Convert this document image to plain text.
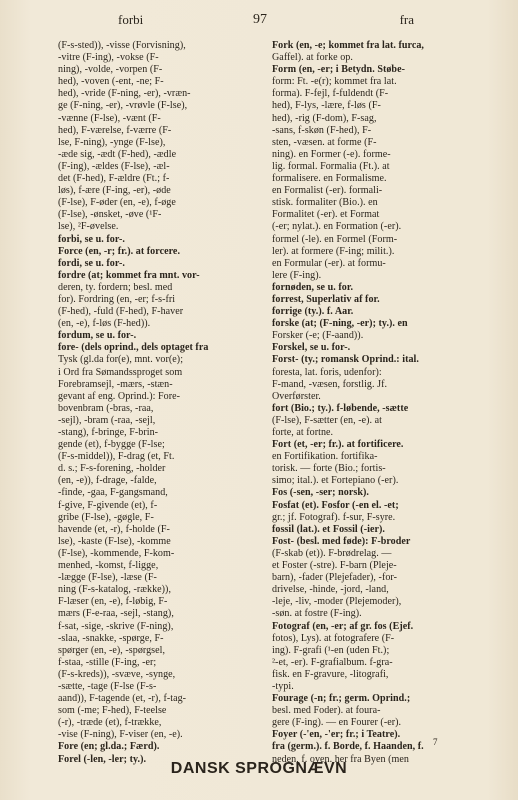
forbi	97	fra
(F-s-sted)), -visse (Forvisning),
-vitre (F-ing), -vokse (F-
ning), -volde, -vorpen (F-
hed), -voven (-ent, -ne; F-
hed), -vride (F-ning, -er), -vræn-
ge (F-ning, -er), -vrøvle (F-lse),
-vænne (F-lse), -vænt (F-
hed), F-værelse, f-værre (F-
lse, F-ning), -ynge (F-lse),
-æde sig, -ædt (F-hed), -ædle
(F-ing), -ældes (F-lse), -æl-
det (F-hed), F-ældre (Ft.; f-
løs), f-ære (F-ing, -er), -øde
(F-lse), F-øder (en, -e), f-øge
(F-lse), -ønsket, -øve (¹F-
lse), ²F-øvelse.
forbi, se u. for-.
Force (en, -r; fr.). at forcere.
fordi, se u. for-.
fordre (at; kommet fra mnt. vor-
deren, ty. fordern; besl. med
for). Fordring (en, -er; f-s-fri
(F-hed), -fuld (F-hed), F-haver
(en, -e), f-løs (F-hed)).
fordum, se u. for-.
fore- (dels oprind., dels optaget fra
Tysk (gl.da for(e), mnt. vor(e);
i Ord fra Sømandssproget som
Forebramsejl, -mærs, -stæn-
gevant af eng. Oprind.): Fore-
bovenbram (-bras, -raa,
-sejl), -bram (-raa, -sejl,
-stang), f-bringe, F-brin-
gende (et), f-bygge (F-lse;
(F-s-middel)), F-drag (et, Ft.
d. s.; F-s-forening, -holder
(en, -e)), f-drage, -falde,
-finde, -gaa, F-gangsmand,
f-give, F-givende (et), f-
gribe (F-lse), -gøgle, F-
havende (et, -r), f-holde (F-
lse), -kaste (F-lse), -komme
(F-lse), -kommende, F-kom-
menhed, -komst, f-ligge,
-lægge (F-lse), -læse (F-
ning (F-s-katalog, -række)),
F-læser (en, -e), f-løbig, F-
mærs (F-e-raa, -sejl, -stang),
f-sat, -sige, -skrive (F-ning),
-slaa, -snakke, -spørge, F-
spørger (en, -e), -spørgsel,
f-staa, -stille (F-ing, -er;
(F-s-kreds)), -svæve, -synge,
-sætte, -tage (F-lse (F-s-
aand)), F-tagende (et, -r), f-tag-
som (-me; F-hed), F-teelse
(-r), -træde (et), f-trække,
-vise (F-ning), F-viser (en, -e).
Fore (en; gl.da.; Færd).
Forel (-len, -ler; ty.).
Fork (en, -e; kommet fra lat. furca,
Gaffel). at forke op.
Form (en, -er; i Betydn. Støbe-
form: Ft. -e(r); kommet fra lat.
forma). F-fejl, f-fuldendt (F-
hed), F-lys, -lære, f-løs (F-
hed), -rig (F-dom), F-sag,
-sans, f-skøn (F-hed), F-
sten, -væsen. at forme (F-
ning). en Former (-e). forme-
lig. formal. Formalia (Ft.). at
formalisere. en Formalisme.
en Formalist (-er). formali-
stisk. formaliter (Bio.). en
Formalitet (-er). et Format
(-er; nylat.). en Formation (-er).
formel (-le). en Formel (Form-
ler). at formere (F-ing; milit.).
en Formular (-er). at formu-
lere (F-ing).
fornøden, se u. for.
forrest, Superlativ af for.
forrige (ty.). f. Aar.
forske (at; (F-ning, -er); ty.). en
Forsker (-e; (F-aand)).
Forskel, se u. for-.
Forst- (ty.; romansk Oprind.: ital.
foresta, lat. foris, udenfor):
F-mand, -væsen, forstlig. Jf.
Overførster.
fort (Bio.; ty.). f-løbende, -sætte
(F-lse), F-sætter (en, -e). at
forte, at fortne.
Fort (et, -er; fr.). at fortificere.
en Fortifikation. fortifika-
torisk. — forte (Bio.; fortis-
simo; ital.). et Fortepiano (-er).
Fos (-sen, -ser; norsk).
Fosfat (et). Fosfor (-en el. -et;
gr.; jf. Fotograf). f-sur, F-syre.
fossil (lat.). et Fossil (-ier).
Fost- (besl. med føde): F-broder
(F-skab (et)). F-brødrelag. —
et Foster (-stre). F-barn (Pleje-
barn), -fader (Plejefader), -for-
drivelse, -hinde, -jord, -land,
-leje, -liv, -moder (Plejemoder),
-søn. at fostre (F-ing).
Fotograf (en, -er; af gr. fos (Ejef.
fotos), Lys). at fotografere (F-
ing). F-grafi (¹-en (uden Ft.);
²-et, -er). F-grafialbum. f-gra-
fisk. en F-gravure, -litografi,
-typi.
Fourage (-n; fr.; germ. Oprind.;
besl. med Foder). at foura-
gere (F-ing). — en Fourer (-er).
Foyer (-'en, -'er; fr.; i Teatre).
fra (germ.). f. Borde, f. Haanden, f.
neden, f. oven. her fra Byen (men
7
DANSK SPROGNÆVN
